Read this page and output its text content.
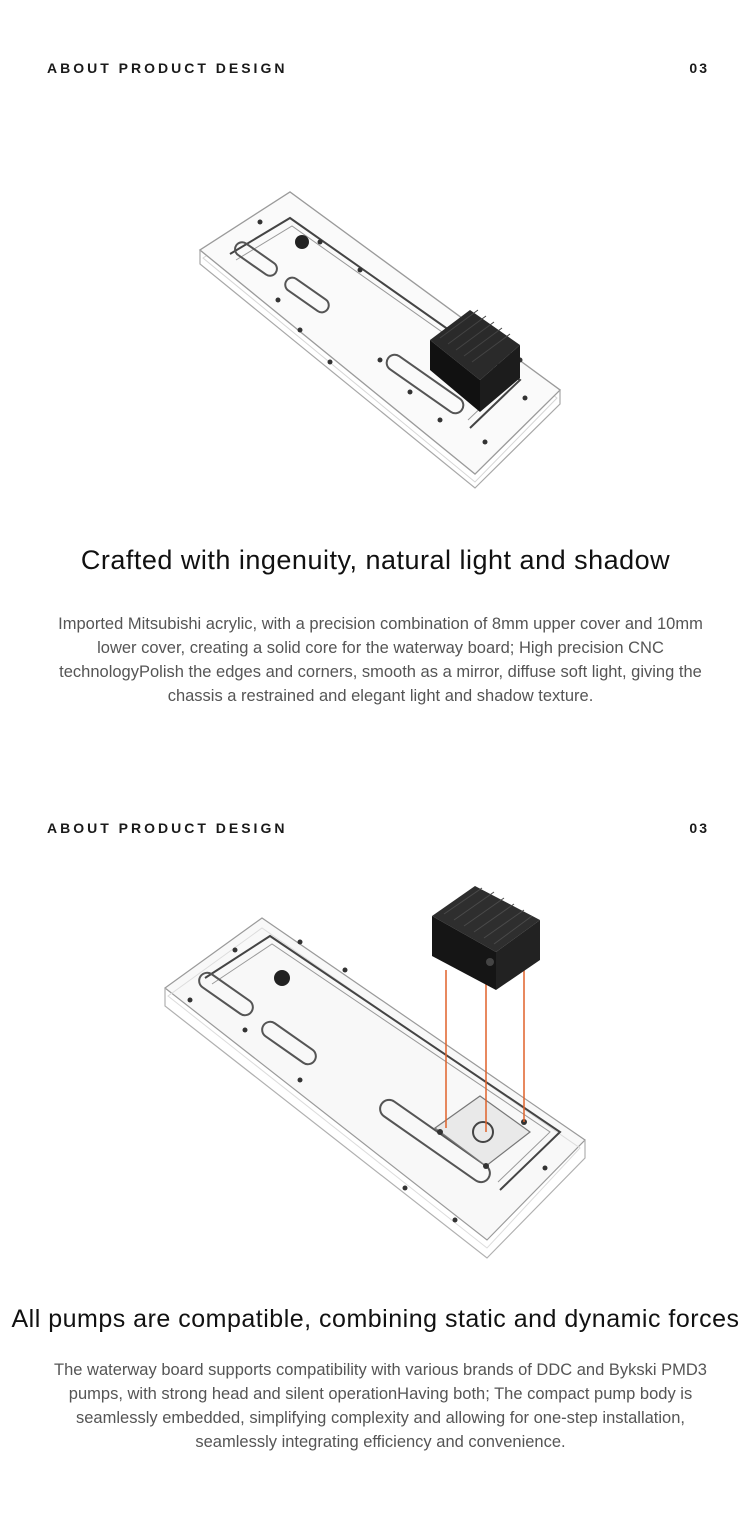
ABOUT PRODUCT DESIGN	03
Crafted with ingenuity, natural light and shadow
Imported Mitsubishi acrylic, with a precision combination of 8mm upper cover and 10mm lower cover, creating a solid core for the waterway board; High precision CNC technologyPolish the edges and corners, smooth as a mirror, diffuse soft light, giving the chassis a restrained and elegant light and shadow texture.
ABOUT PRODUCT DESIGN	03
All pumps are compatible, combining static and dynamic forces
The waterway board supports compatibility with various brands of DDC and Bykski PMD3 pumps, with strong head and silent operationHaving both; The compact pump body is seamlessly embedded, simplifying complexity and allowing for one-step installation, seamlessly integrating efficiency and convenience.
